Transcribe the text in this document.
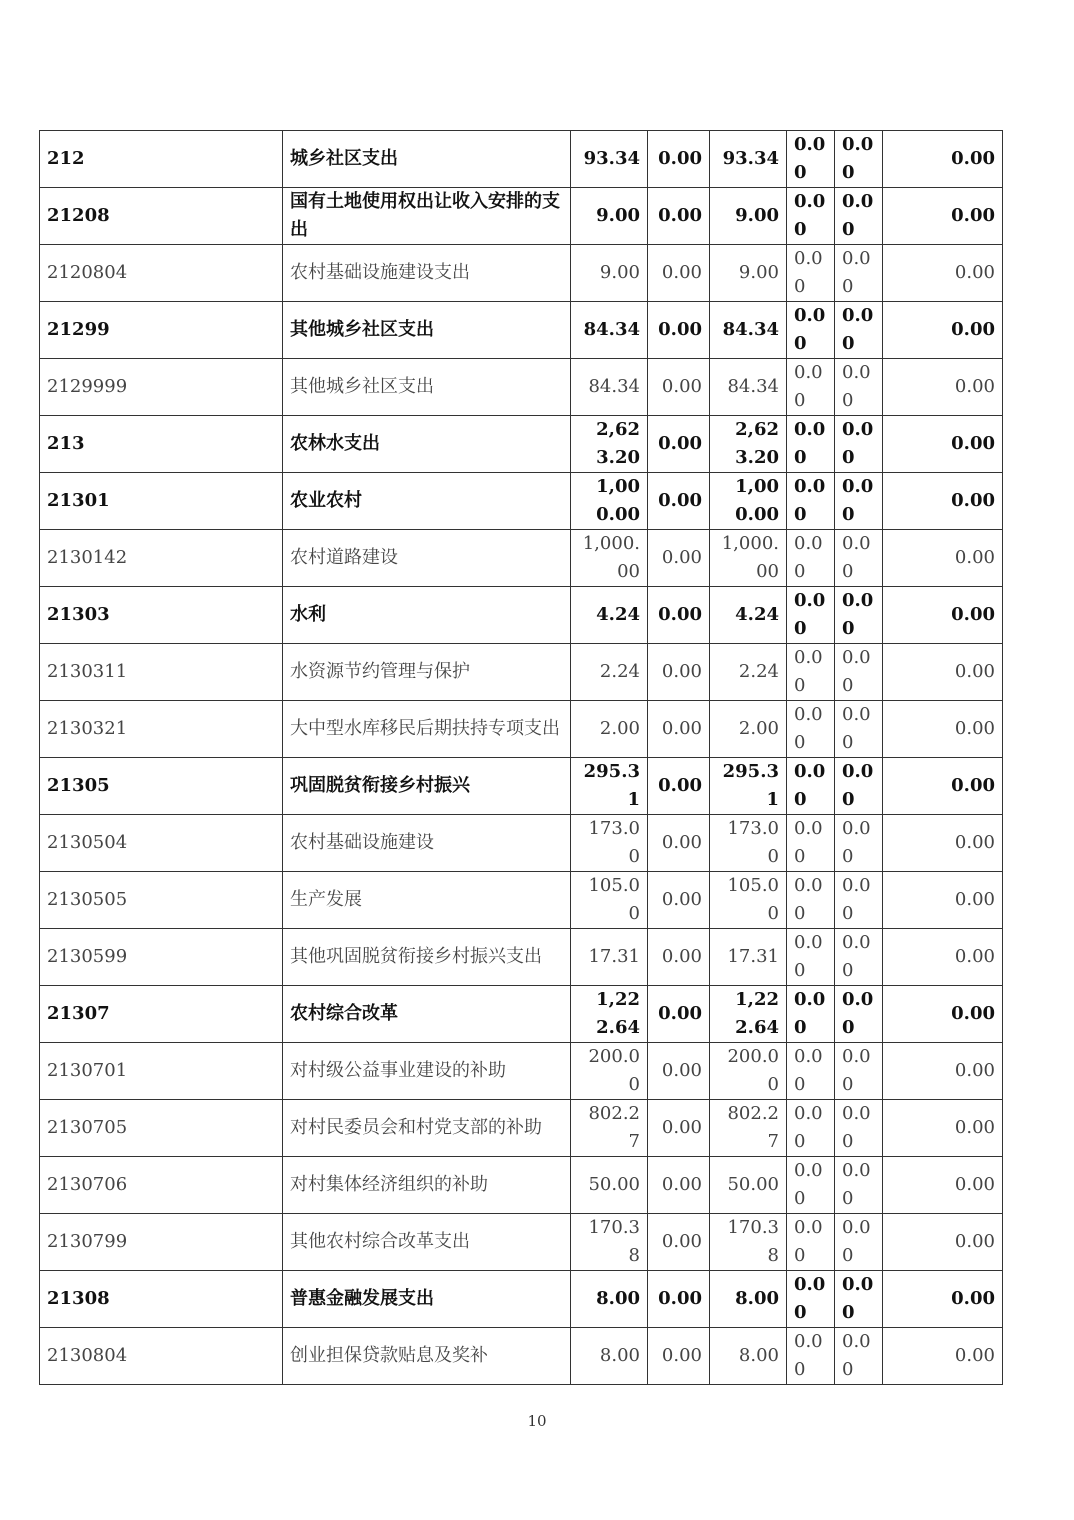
212	城乡社区支出	93.34	0.00	93.34	0.00	0.00	0.00
21208	国有土地使用权出让收入安排的支出	9.00	0.00	9.00	0.00	0.00	0.00
2120804	农村基础设施建设支出	9.00	0.00	9.00	0.00	0.00	0.00
21299	其他城乡社区支出	84.34	0.00	84.34	0.00	0.00	0.00
2129999	其他城乡社区支出	84.34	0.00	84.34	0.00	0.00	0.00
213	农林水支出	2,623.20	0.00	2,623.20	0.00	0.00	0.00
21301	农业农村	1,000.00	0.00	1,000.00	0.00	0.00	0.00
2130142	农村道路建设	1,000.00	0.00	1,000.00	0.00	0.00	0.00
21303	水利	4.24	0.00	4.24	0.00	0.00	0.00
2130311	水资源节约管理与保护	2.24	0.00	2.24	0.00	0.00	0.00
2130321	大中型水库移民后期扶持专项支出	2.00	0.00	2.00	0.00	0.00	0.00
21305	巩固脱贫衔接乡村振兴	295.31	0.00	295.31	0.00	0.00	0.00
2130504	农村基础设施建设	173.00	0.00	173.00	0.00	0.00	0.00
2130505	生产发展	105.00	0.00	105.00	0.00	0.00	0.00
2130599	其他巩固脱贫衔接乡村振兴支出	17.31	0.00	17.31	0.00	0.00	0.00
21307	农村综合改革	1,222.64	0.00	1,222.64	0.00	0.00	0.00
2130701	对村级公益事业建设的补助	200.00	0.00	200.00	0.00	0.00	0.00
2130705	对村民委员会和村党支部的补助	802.27	0.00	802.27	0.00	0.00	0.00
2130706	对村集体经济组织的补助	50.00	0.00	50.00	0.00	0.00	0.00
2130799	其他农村综合改革支出	170.38	0.00	170.38	0.00	0.00	0.00
21308	普惠金融发展支出	8.00	0.00	8.00	0.00	0.00	0.00
2130804	创业担保贷款贴息及奖补	8.00	0.00	8.00	0.00	0.00	0.00
10
